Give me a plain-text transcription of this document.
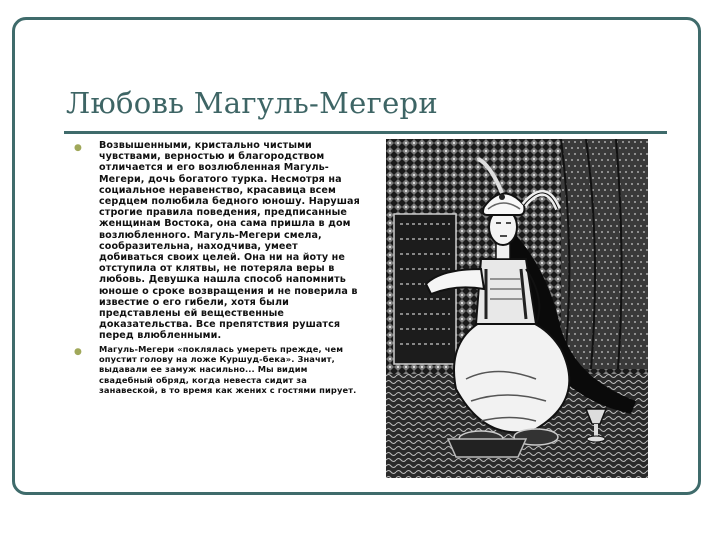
Любовь Магуль-Мегери
● Возвышенными, кристально чистыми чувствами, верностью и благородством отличается и его возлюбленная Магуль-Мегери, дочь богатого турка. Несмотря на социальное неравенство, красавица всем сердцем полюбила бедного юношу. Нарушая строгие правила поведения, предписанные женщинам Востока, она сама пришла в дом возлюбленного. Магуль-Мегери смела, сообразительна, находчива, умеет добиваться своих целей. Она ни на йоту не отступила от клятвы, не потеряла веры в любовь. Девушка нашла способ напомнить юноше о сроке возвращения и не поверила в известие о его гибели, хотя были представлены ей вещественные доказательства. Все препятствия рушатся перед влюбленными.
● Магуль-Мегери «поклялась умереть прежде, чем опустит голову на ложе Куршуд-бека». Значит, выдавали ее замуж насильно... Мы видим свадебный обряд, когда невеста сидит за занавеской, в то время как жених с гостями пирует.
